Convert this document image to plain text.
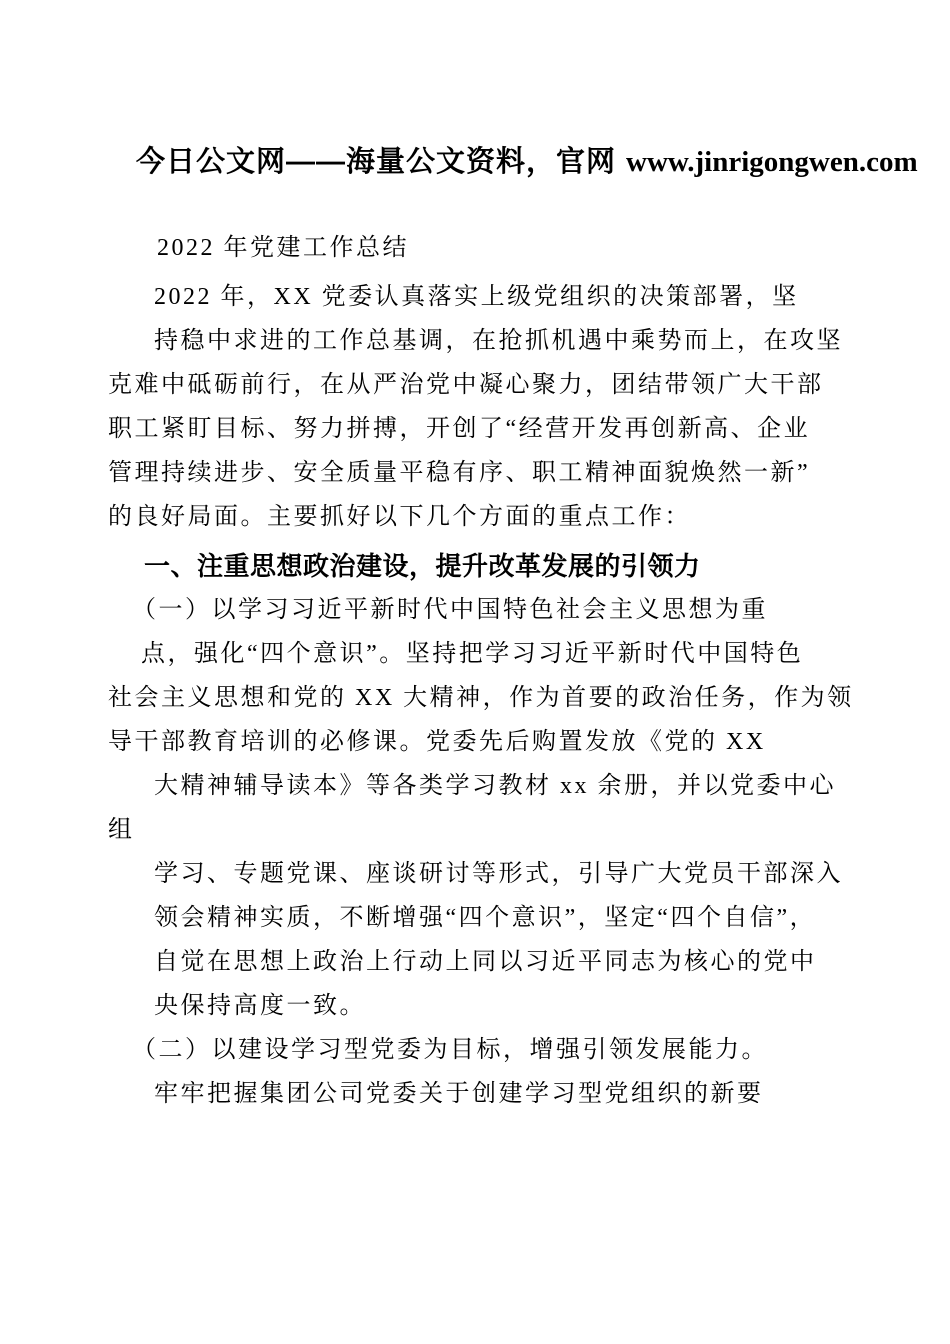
今日公文网——海量公文资料，官网 www.jinrigongwen.com
2022 年党建工作总结
2022 年，XX 党委认真落实上级党组织的决策部署，坚
持稳中求进的工作总基调，在抢抓机遇中乘势而上，在攻坚
克难中砥砺前行，在从严治党中凝心聚力，团结带领广大干部
职工紧盯目标、努力拼搏，开创了“经营开发再创新高、企业
管理持续进步、安全质量平稳有序、职工精神面貌焕然一新”
的良好局面。主要抓好以下几个方面的重点工作：
一、注重思想政治建设，提升改革发展的引领力
（一）以学习习近平新时代中国特色社会主义思想为重
点，强化“四个意识”。坚持把学习习近平新时代中国特色
社会主义思想和党的 XX 大精神，作为首要的政治任务，作为领
导干部教育培训的必修课。党委先后购置发放《党的 XX
大精神辅导读本》等各类学习教材 xx 余册，并以党委中心
组
学习、专题党课、座谈研讨等形式，引导广大党员干部深入
领会精神实质，不断增强“四个意识”，坚定“四个自信”，
自觉在思想上政治上行动上同以习近平同志为核心的党中
央保持高度一致。
（二）以建设学习型党委为目标，增强引领发展能力。
牢牢把握集团公司党委关于创建学习型党组织的新要
